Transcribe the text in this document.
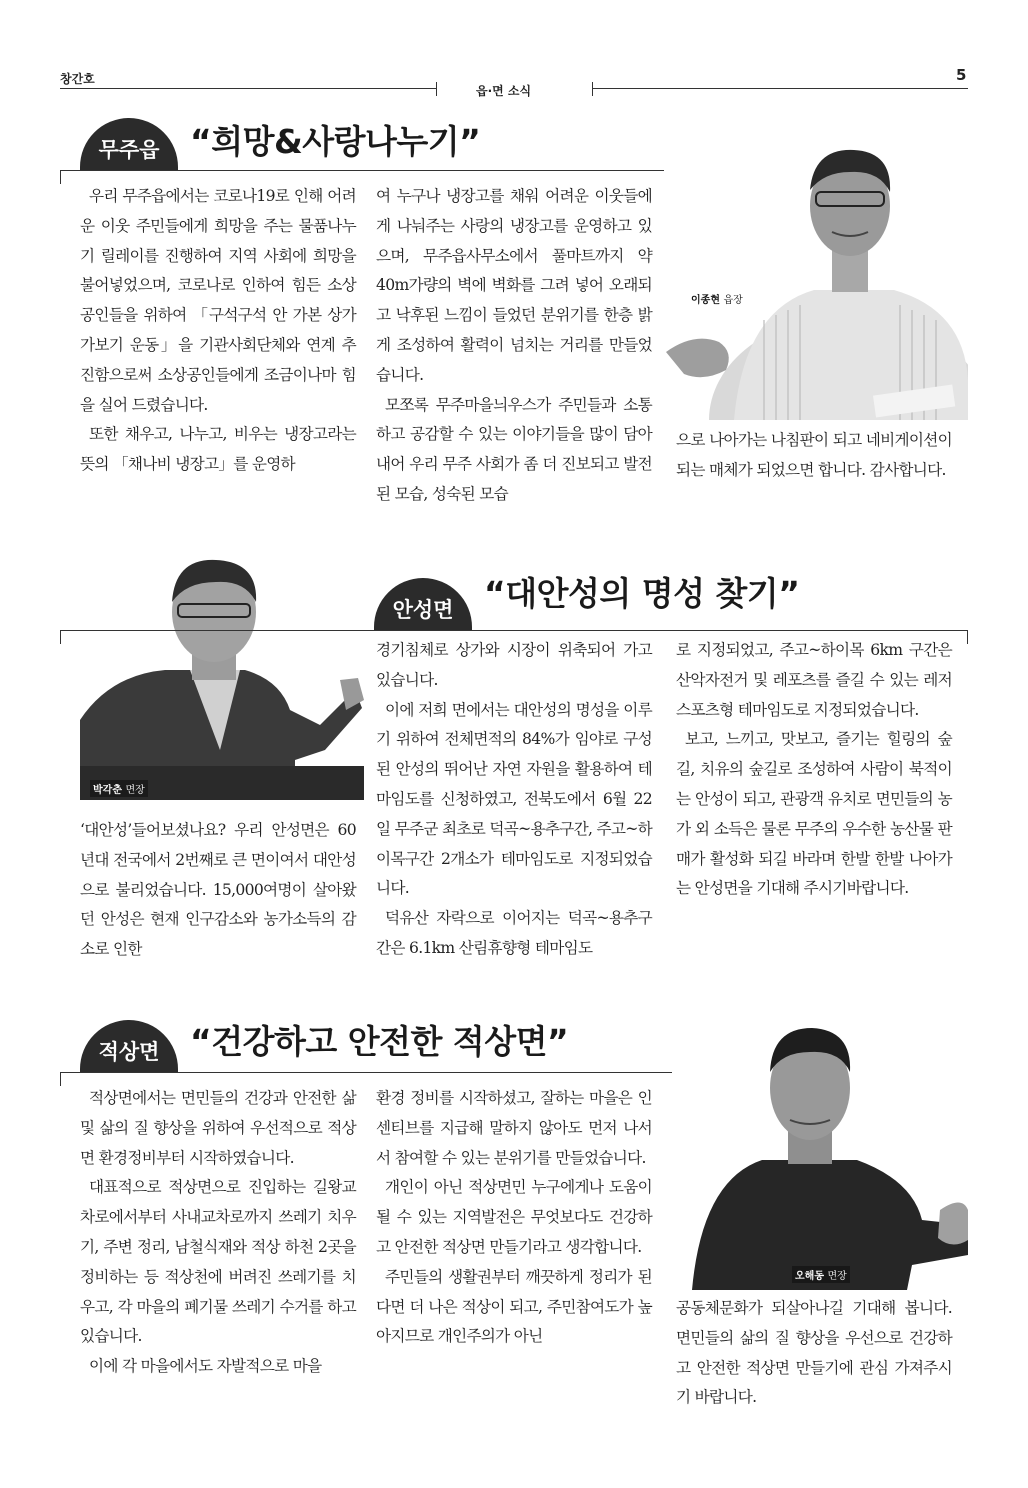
창간호
읍·면 소식
5
무주읍 “희망&사랑나누기”

우리 무주읍에서는 코로나19로 인해 어려운 이웃 주민들에게 희망을 주는 물품나누기 릴레이를 진행하여 지역 사회에 희망을 불어넣었으며, 코로나로 인하여 힘든 소상공인들을 위하여 「구석구석 안 가본 상가 가보기 운동」을 기관사회단체와 연계 추진함으로써 소상공인들에게 조금이나마 힘을 실어 드렸습니다.

또한 채우고, 나누고, 비우는 냉장고라는 뜻의 「채나비 냉장고」를 운영하

여 누구나 냉장고를 채워 어려운 이웃들에게 나눠주는 사랑의 냉장고를 운영하고 있으며, 무주읍사무소에서 풀마트까지 약 40m가량의 벽에 벽화를 그려 넣어 오래되고 낙후된 느낌이 들었던 분위기를 한층 밝게 조성하여 활력이 넘치는 거리를 만들었습니다.

모쪼록 무주마을늬우스가 주민들과 소통하고 공감할 수 있는 이야기들을 많이 담아내어 우리 무주 사회가 좀 더 진보되고 발전된 모습, 성숙된 모습

이종현 읍장

으로 나아가는 나침판이 되고 네비게이션이 되는 매체가 되었으면 합니다. 감사합니다.

박각춘 면장
안성면 “대안성의 명성 찾기”

‘대안성’들어보셨나요? 우리 안성면은 60년대 전국에서 2번째로 큰 면이여서 대안성으로 불리었습니다. 15,000여명이 살아왔던 안성은 현재 인구감소와 농가소득의 감소로 인한

경기침체로 상가와 시장이 위축되어 가고 있습니다.

이에 저희 면에서는 대안성의 명성을 이루기 위하여 전체면적의 84%가 임야로 구성된 안성의 뛰어난 자연 자원을 활용하여 테마임도를 신청하였고, 전북도에서 6월 22일 무주군 최초로 덕곡~용추구간, 주고~하이목구간 2개소가 테마임도로 지정되었습니다.

덕유산 자락으로 이어지는 덕곡~용추구간은 6.1km 산림휴향형 테마임도

로 지정되었고, 주고~하이목 6km 구간은 산악자전거 및 레포츠를 즐길 수 있는 레저스포츠형 테마임도로 지정되었습니다.

보고, 느끼고, 맛보고, 즐기는 힐링의 숲길, 치유의 숲길로 조성하여 사람이 북적이는 안성이 되고, 관광객 유치로 면민들의 농가 외 소득은 물론 무주의 우수한 농산물 판매가 활성화 되길 바라며 한발 한발 나아가는 안성면을 기대해 주시기바랍니다.

적상면 “건강하고 안전한 적상면”

적상면에서는 면민들의 건강과 안전한 삶 및 삶의 질 향상을 위하여 우선적으로 적상면 환경정비부터 시작하였습니다.

대표적으로 적상면으로 진입하는 길왕교차로에서부터 사내교차로까지 쓰레기 치우기, 주변 정리, 남철식재와 적상 하천 2곳을 정비하는 등 적상천에 버려진 쓰레기를 치우고, 각 마을의 폐기물 쓰레기 수거를 하고 있습니다.

이에 각 마을에서도 자발적으로 마을

환경 정비를 시작하셨고, 잘하는 마을은 인센티브를 지급해 말하지 않아도 먼저 나서서 참여할 수 있는 분위기를 만들었습니다.

개인이 아닌 적상면민 누구에게나 도움이 될 수 있는 지역발전은 무엇보다도 건강하고 안전한 적상면 만들기라고 생각합니다.

주민들의 생활권부터 깨끗하게 정리가 된다면 더 나은 적상이 되고, 주민참여도가 높아지므로 개인주의가 아닌

오해동 면장

공동체문화가 되살아나길 기대해 봅니다. 면민들의 삶의 질 향상을 우선으로 건강하고 안전한 적상면 만들기에 관심 가져주시기 바랍니다.
